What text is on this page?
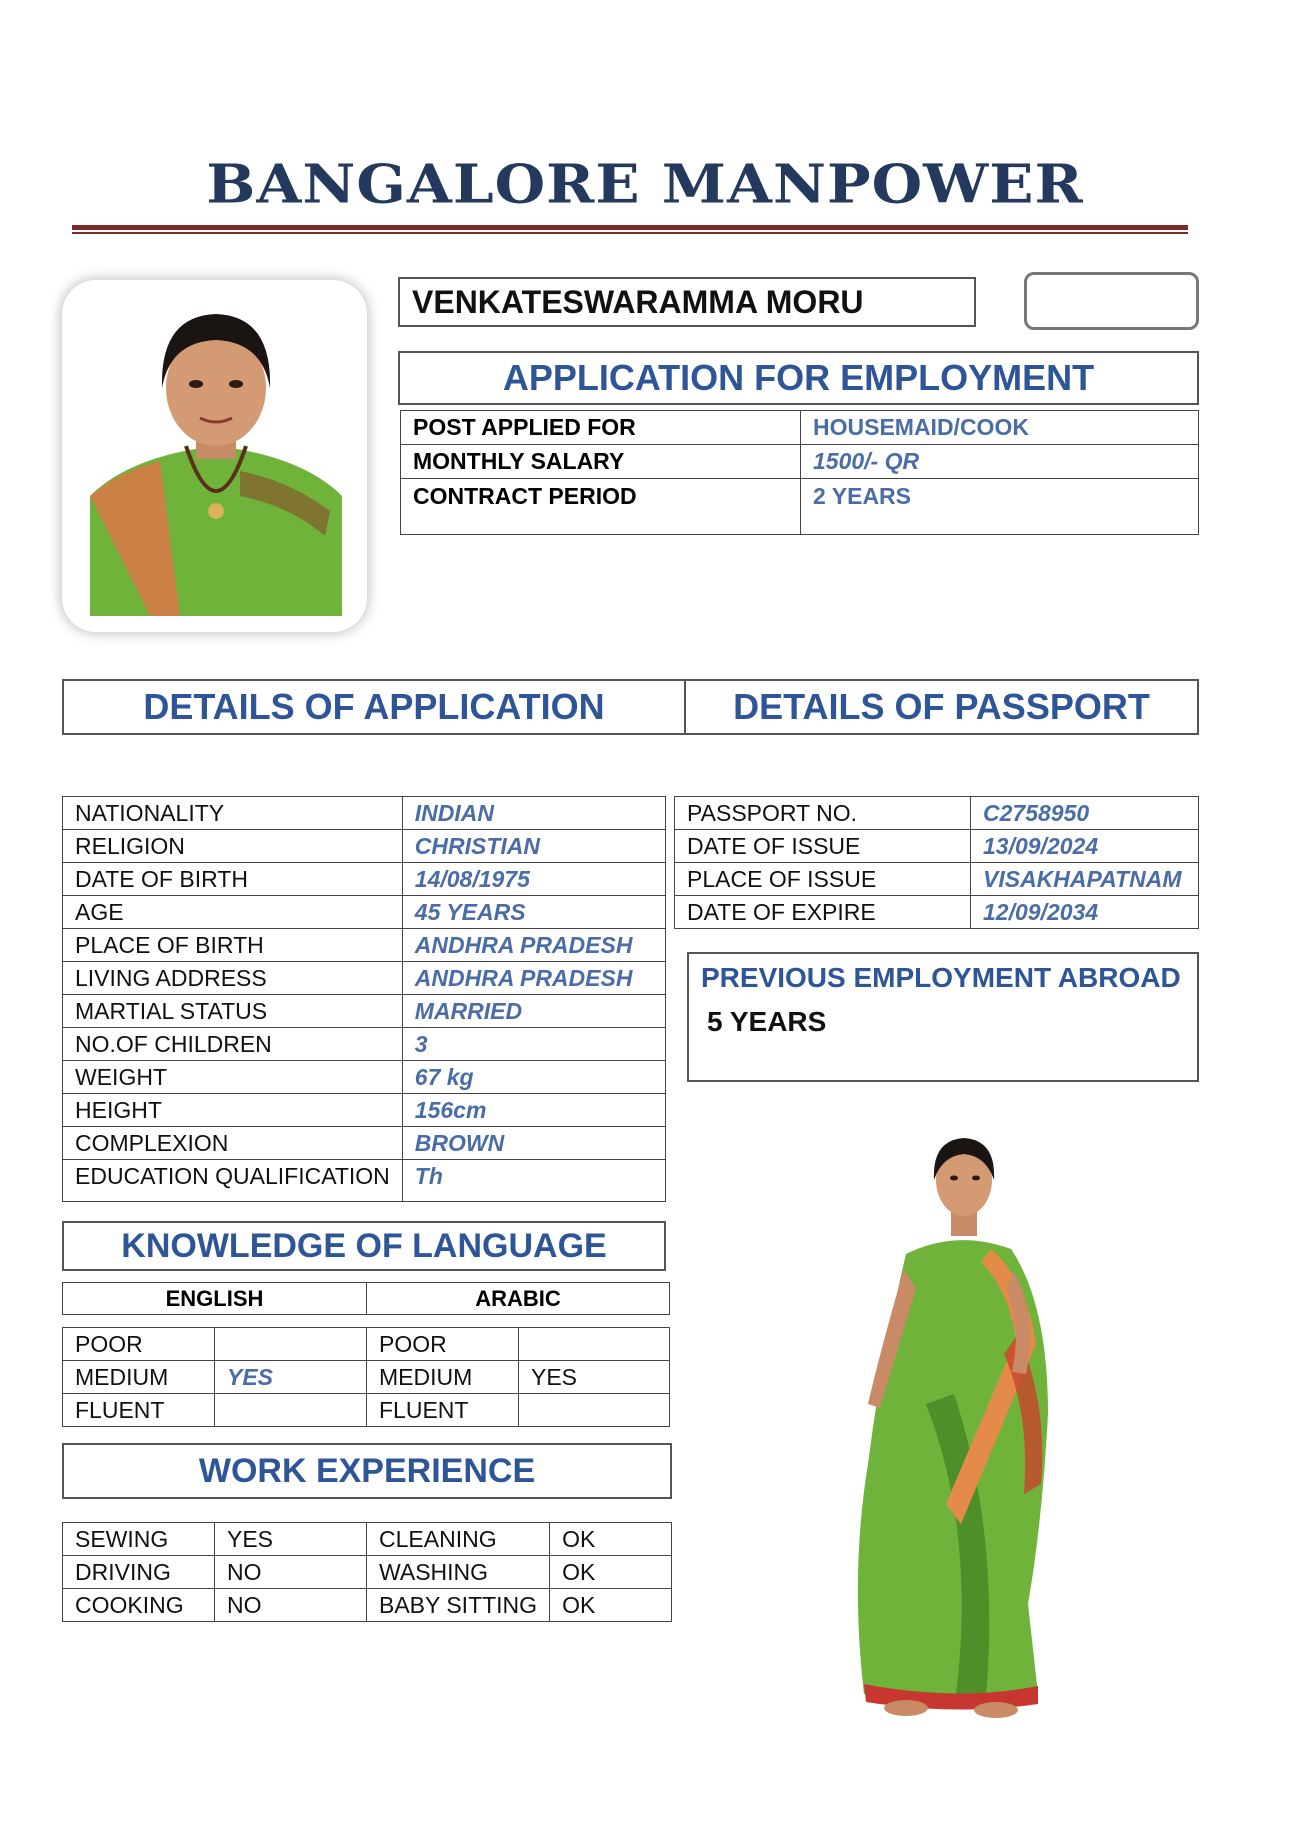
BANGALORE MANPOWER
VENKATESWARAMMA MORU
APPLICATION FOR EMPLOYMENT
POST APPLIED FOR	HOUSEMAID/COOK
MONTHLY SALARY	1500/- QR
CONTRACT PERIOD	2 YEARS
DETAILS OF APPLICATION	DETAILS OF PASSPORT
NATIONALITY	INDIAN
RELIGION	CHRISTIAN
DATE OF BIRTH	14/08/1975
AGE	45 YEARS
PLACE OF BIRTH	ANDHRA PRADESH
LIVING ADDRESS	ANDHRA PRADESH
MARTIAL STATUS	MARRIED
NO.OF CHILDREN	3
WEIGHT	67 kg
HEIGHT	156cm
COMPLEXION	BROWN
EDUCATION QUALIFICATION	Th
PASSPORT NO.	C2758950
DATE OF ISSUE	13/09/2024
PLACE OF ISSUE	VISAKHAPATNAM
DATE OF EXPIRE	12/09/2034
PREVIOUS EMPLOYMENT ABROAD
5 YEARS
KNOWLEDGE OF LANGUAGE
ENGLISH	ARABIC
POOR		POOR	
MEDIUM	YES	MEDIUM	YES
FLUENT		FLUENT	
WORK EXPERIENCE
SEWING	YES	CLEANING	OK
DRIVING	NO	WASHING	OK
COOKING	NO	BABY SITTING	OK
